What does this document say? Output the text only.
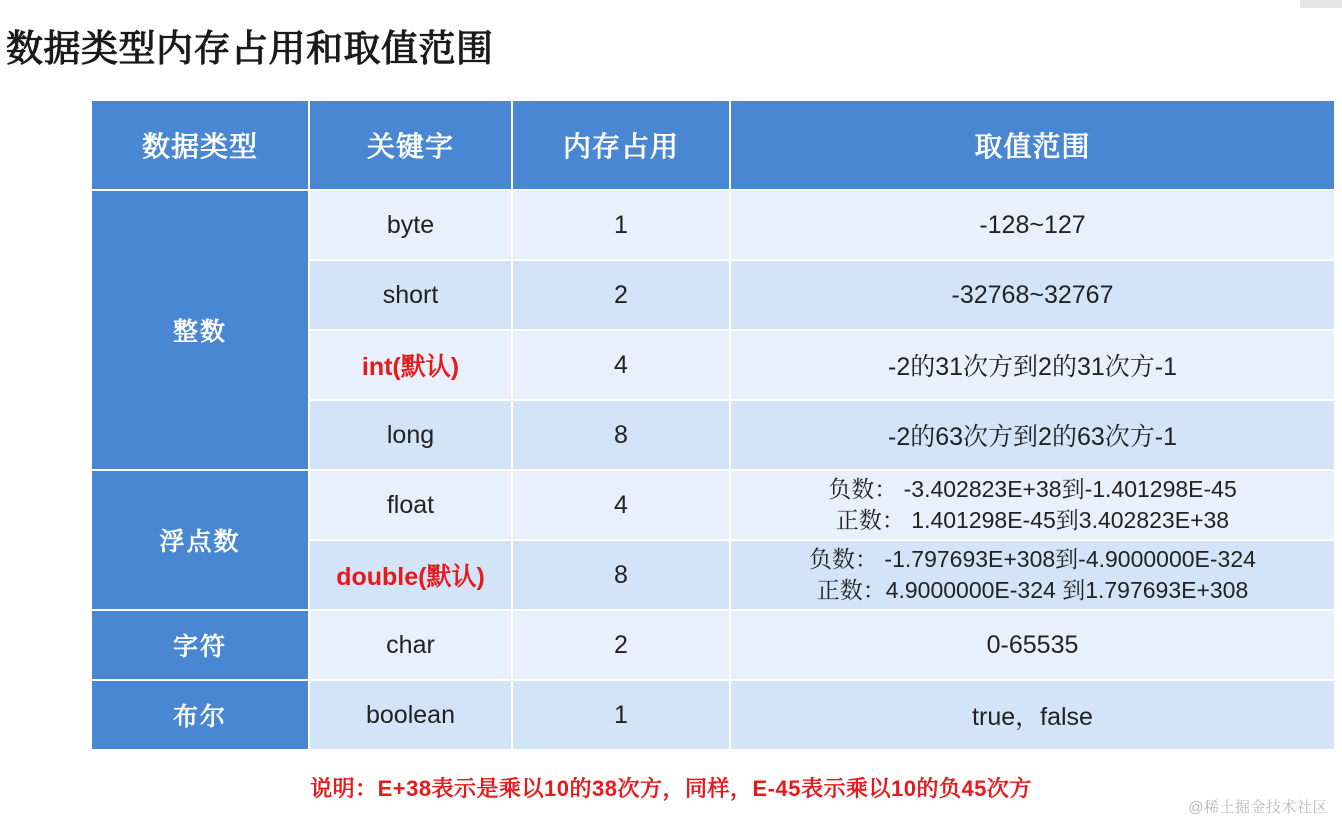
数据类型内存占用和取值范围
数据类型	关键字	内存占用	取值范围
整数	byte	1	-128~127
	short	2	-32768~32767
	int(默认)	4	-2的31次方到2的31次方-1
	long	8	-2的63次方到2的63次方-1
浮点数	float	4	负数： -3.402823E+38到-1.401298E-45
正数： 1.401298E-45到3.402823E+38

	double(默认)	8	负数： -1.797693E+308到-4.9000000E-324
正数：4.9000000E-324 到1.797693E+308

字符	char	2	0-65535
布尔	boolean	1	true，false
说明：E+38表示是乘以10的38次方，同样，E-45表示乘以10的负45次方
@稀土掘金技术社区
